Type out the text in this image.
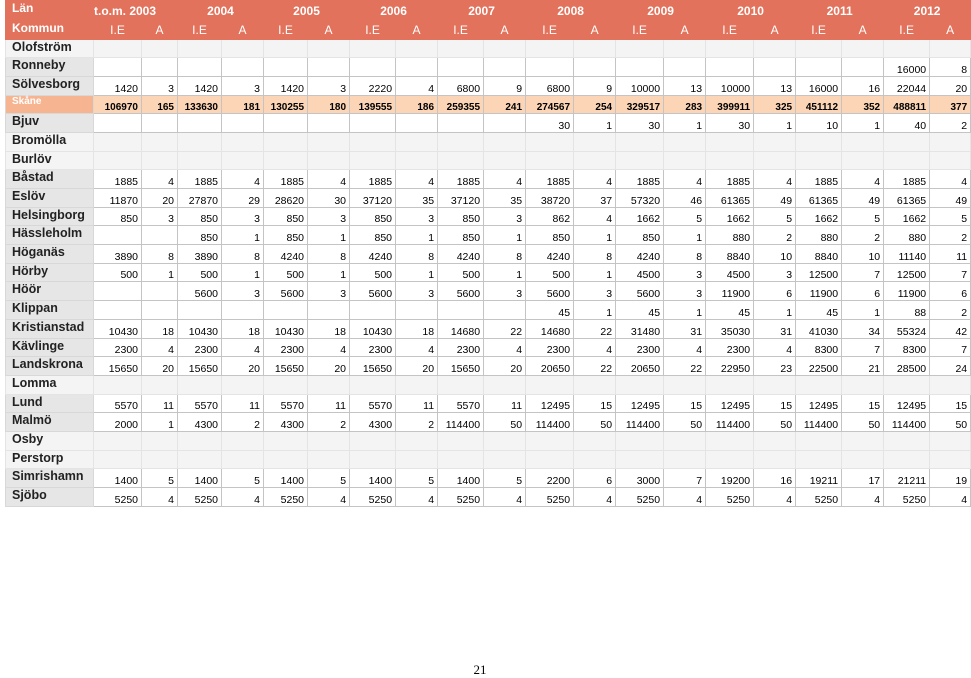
Län	t.o.m. 2003		2004		2005		2006		2007		2008		2009		2010		2011		2012	
Kommun	I.E	A	I.E	A	I.E	A	I.E	A	I.E	A	I.E	A	I.E	A	I.E	A	I.E	A	I.E	A
Olofström																				
Ronneby																			16000	8
Sölvesborg	1420	3	1420	3	1420	3	2220	4	6800	9	6800	9	10000	13	10000	13	16000	16	22044	20
Skåne	106970	165	133630	181	130255	180	139555	186	259355	241	274567	254	329517	283	399911	325	451112	352	488811	377
Bjuv											30	1	30	1	30	1	10	1	40	2
Bromölla																				
Burlöv																				
Båstad	1885	4	1885	4	1885	4	1885	4	1885	4	1885	4	1885	4	1885	4	1885	4	1885	4
Eslöv	11870	20	27870	29	28620	30	37120	35	37120	35	38720	37	57320	46	61365	49	61365	49	61365	49
Helsingborg	850	3	850	3	850	3	850	3	850	3	862	4	1662	5	1662	5	1662	5	1662	5
Hässleholm			850	1	850	1	850	1	850	1	850	1	850	1	880	2	880	2	880	2
Höganäs	3890	8	3890	8	4240	8	4240	8	4240	8	4240	8	4240	8	8840	10	8840	10	11140	11
Hörby	500	1	500	1	500	1	500	1	500	1	500	1	4500	3	4500	3	12500	7	12500	7
Höör			5600	3	5600	3	5600	3	5600	3	5600	3	5600	3	11900	6	11900	6	11900	6
Klippan											45	1	45	1	45	1	45	1	88	2
Kristianstad	10430	18	10430	18	10430	18	10430	18	14680	22	14680	22	31480	31	35030	31	41030	34	55324	42
Kävlinge	2300	4	2300	4	2300	4	2300	4	2300	4	2300	4	2300	4	2300	4	8300	7	8300	7
Landskrona	15650	20	15650	20	15650	20	15650	20	15650	20	20650	22	20650	22	22950	23	22500	21	28500	24
Lomma																				
Lund	5570	11	5570	11	5570	11	5570	11	5570	11	12495	15	12495	15	12495	15	12495	15	12495	15
Malmö	2000	1	4300	2	4300	2	4300	2	114400	50	114400	50	114400	50	114400	50	114400	50	114400	50
Osby																				
Perstorp																				
Simrishamn	1400	5	1400	5	1400	5	1400	5	1400	5	2200	6	3000	7	19200	16	19211	17	21211	19
Sjöbo	5250	4	5250	4	5250	4	5250	4	5250	4	5250	4	5250	4	5250	4	5250	4	5250	4
21
